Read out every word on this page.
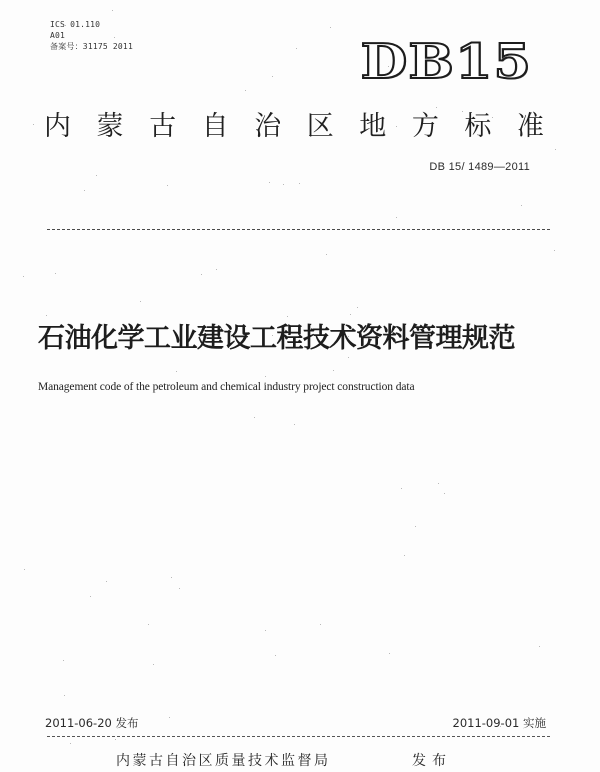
ICS 01.110
A01
备案号：31175 2011	DB15
内 蒙 古 自 治 区 地 方 标 准
DB 15/ 1489—2011
石油化学工业建设工程技术资料管理规范
Management code of the petroleum and chemical industry project construction data
2011-06-20 发布	2011-09-01 实施
内蒙古自治区质量技术监督局	发布
